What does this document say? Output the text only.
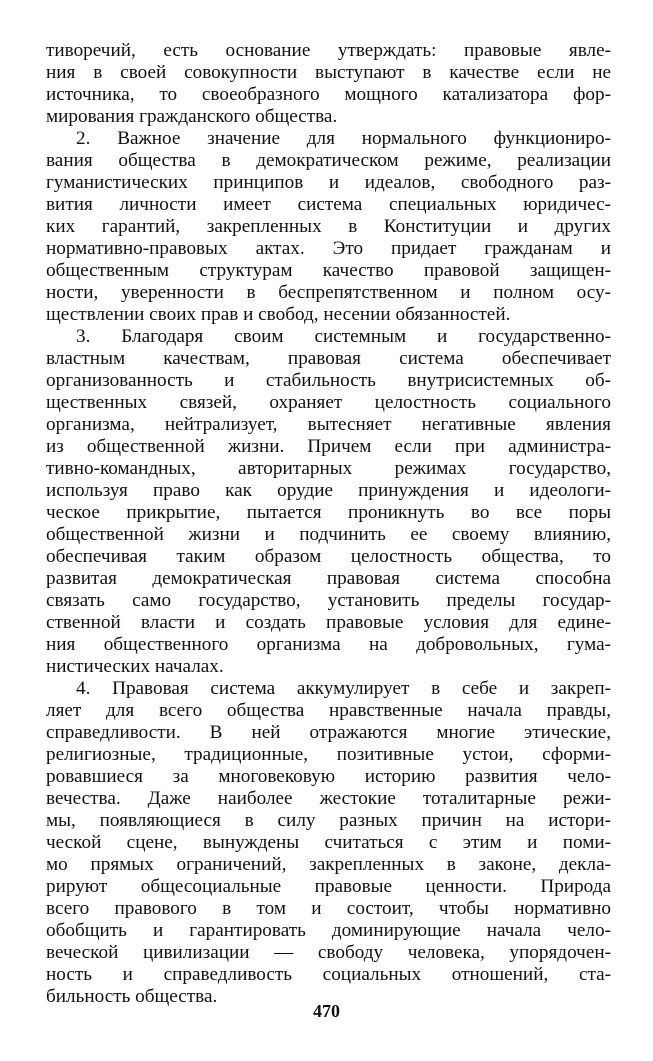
тиворечий, есть основание утверждать: правовые явле-
ния в своей совокупности выступают в качестве если не
источника, то своеобразного мощного катализатора фор-
мирования гражданского общества.
2. Важное значение для нормального функциониро-
вания общества в демократическом режиме, реализации
гуманистических принципов и идеалов, свободного раз-
вития личности имеет система специальных юридичес-
ких гарантий, закрепленных в Конституции и других
нормативно-правовых актах. Это придает гражданам и
общественным структурам качество правовой защищен-
ности, уверенности в беспрепятственном и полном осу-
ществлении своих прав и свобод, несении обязанностей.
3. Благодаря своим системным и государственно-
властным качествам, правовая система обеспечивает
организованность и стабильность внутрисистемных об-
щественных связей, охраняет целостность социального
организма, нейтрализует, вытесняет негативные явления
из общественной жизни. Причем если при администра-
тивно-командных, авторитарных режимах государство,
используя право как орудие принуждения и идеологи-
ческое прикрытие, пытается проникнуть во все поры
общественной жизни и подчинить ее своему влиянию,
обеспечивая таким образом целостность общества, то
развитая демократическая правовая система способна
связать само государство, установить пределы государ-
ственной власти и создать правовые условия для едине-
ния общественного организма на добровольных, гума-
нистических началах.
4. Правовая система аккумулирует в себе и закреп-
ляет для всего общества нравственные начала правды,
справедливости. В ней отражаются многие этические,
религиозные, традиционные, позитивные устои, сформи-
ровавшиеся за многовековую историю развития чело-
вечества. Даже наиболее жестокие тоталитарные режи-
мы, появляющиеся в силу разных причин на истори-
ческой сцене, вынуждены считаться с этим и поми-
мо прямых ограничений, закрепленных в законе, декла-
рируют общесоциальные правовые ценности. Природа
всего правового в том и состоит, чтобы нормативно
обобщить и гарантировать доминирующие начала чело-
веческой цивилизации — свободу человека, упорядочен-
ность и справедливость социальных отношений, ста-
бильность общества.
470
